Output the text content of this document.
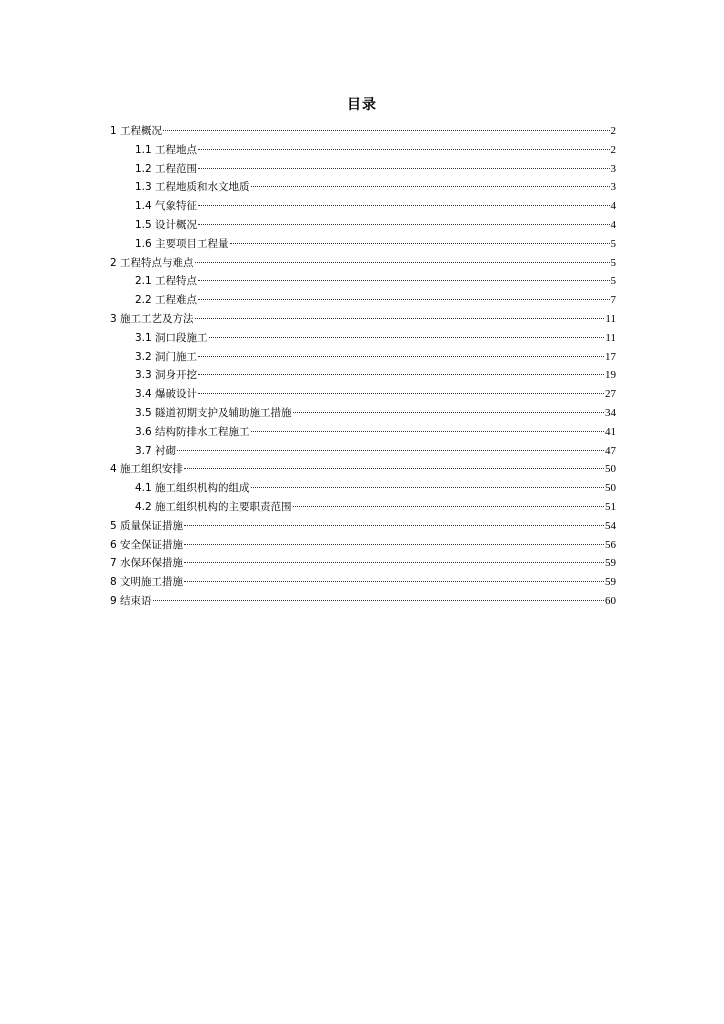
目录
1 工程概况	2
1.1 工程地点	2
1.2 工程范围	3
1.3 工程地质和水文地质	3
1.4 气象特征	4
1.5 设计概况	4
1.6 主要项目工程量	5
2 工程特点与难点	5
2.1 工程特点	5
2.2 工程难点	7
3 施工工艺及方法	11
3.1 洞口段施工	11
3.2 洞门施工	17
3.3 洞身开挖	19
3.4 爆破设计	27
3.5 隧道初期支护及辅助施工措施	34
3.6 结构防排水工程施工	41
3.7 衬砌	47
4 施工组织安排	50
4.1 施工组织机构的组成	50
4.2 施工组织机构的主要职责范围	51
5 质量保证措施	54
6 安全保证措施	56
7 水保环保措施	59
8 文明施工措施	59
9 结束语	60
